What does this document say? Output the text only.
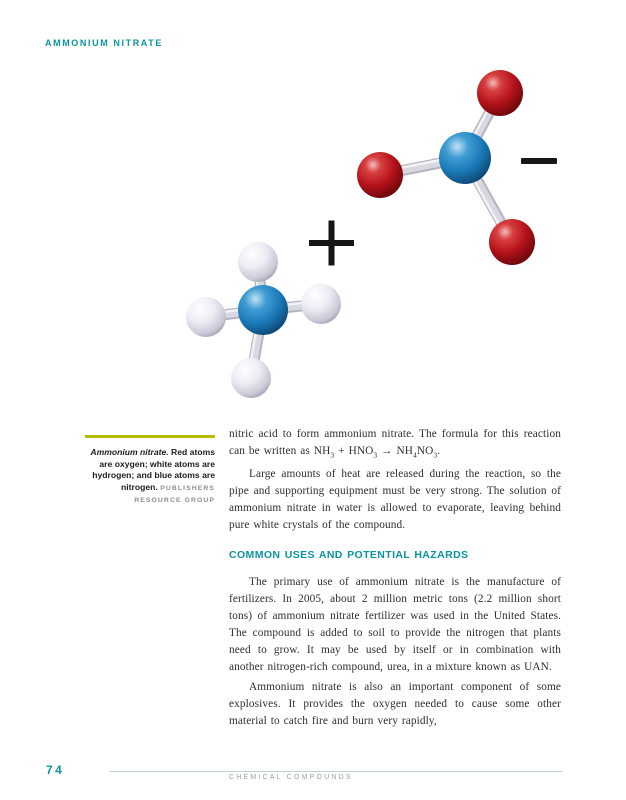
AMMONIUM NITRATE

Ammonium nitrate. Red atoms are oxygen; white atoms are hydrogen; and blue atoms are nitrogen. PUBLISHERS RESOURCE GROUP

nitric acid to form ammonium nitrate. The formula for this reaction can be written as $NH_3 + HNO_3 \to NH_4NO_3$.

Large amounts of heat are released during the reaction, so the pipe and supporting equipment must be very strong. The solution of ammonium nitrate in water is allowed to evaporate, leaving behind pure white crystals of the compound.

COMMON USES AND POTENTIAL HAZARDS

The primary use of ammonium nitrate is the manufacture of fertilizers. In 2005, about 2 million metric tons (2.2 million short tons) of ammonium nitrate fertilizer was used in the United States. The compound is added to soil to provide the nitrogen that plants need to grow. It may be used by itself or in combination with another nitrogen-rich compound, urea, in a mixture known as UAN.

Ammonium nitrate is also an important component of some explosives. It provides the oxygen needed to cause some other material to catch fire and burn very rapidly,

74
CHEMICAL COMPOUNDS
